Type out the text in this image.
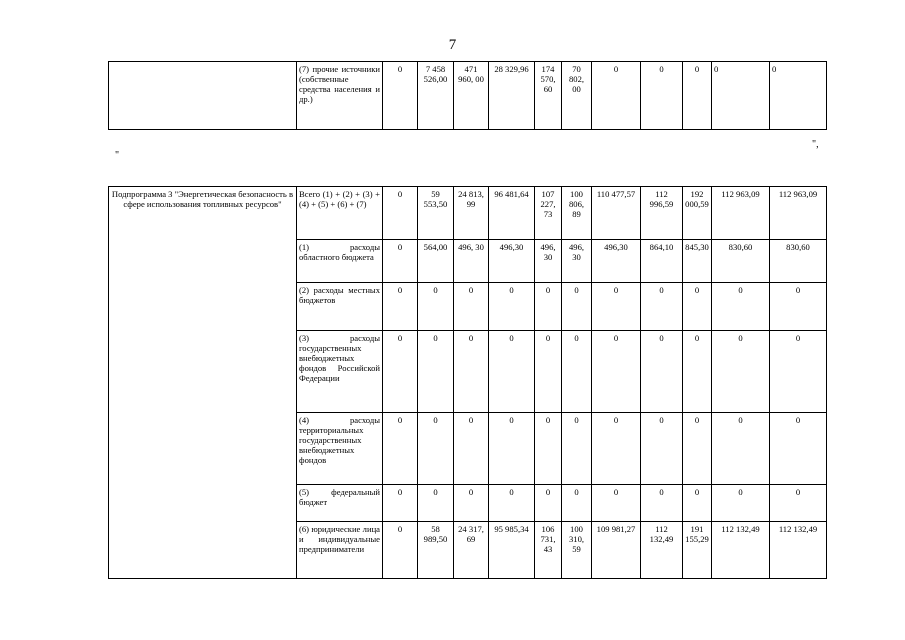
7
	(7) прочие источники (собственные средства населения и др.)	0	7 458 526,00	471 960, 00	28 329,96	174 570, 60	70 802, 00	0	0	0	0	0
",
"
Подпрограмма 3 "Энергетическая безопасность в сфере использования топливных ресурсов"	Всего (1) + (2) + (3) + (4) + (5) + (6) + (7)	0	59 553,50	24 813, 99	96 481,64	107 227, 73	100 806, 89	110 477,57	112 996,59	192 000,59	112 963,09	112 963,09
	(1) расходы областного бюджета	0	564,00	496, 30	496,30	496, 30	496, 30	496,30	864,10	845,30	830,60	830,60
	(2) расходы местных бюджетов	0	0	0	0	0	0	0	0	0	0	0
	(3) расходы государственных внебюджетных фондов Российской Федерации	0	0	0	0	0	0	0	0	0	0	0
	(4) расходы территориальных государственных внебюджетных фондов	0	0	0	0	0	0	0	0	0	0	0
	(5) федеральный бюджет	0	0	0	0	0	0	0	0	0	0	0
	(6) юридические лица и индивидуальные предприниматели	0	58 989,50	24 317, 69	95 985,34	106 731, 43	100 310, 59	109 981,27	112 132,49	191 155,29	112 132,49	112 132,49
